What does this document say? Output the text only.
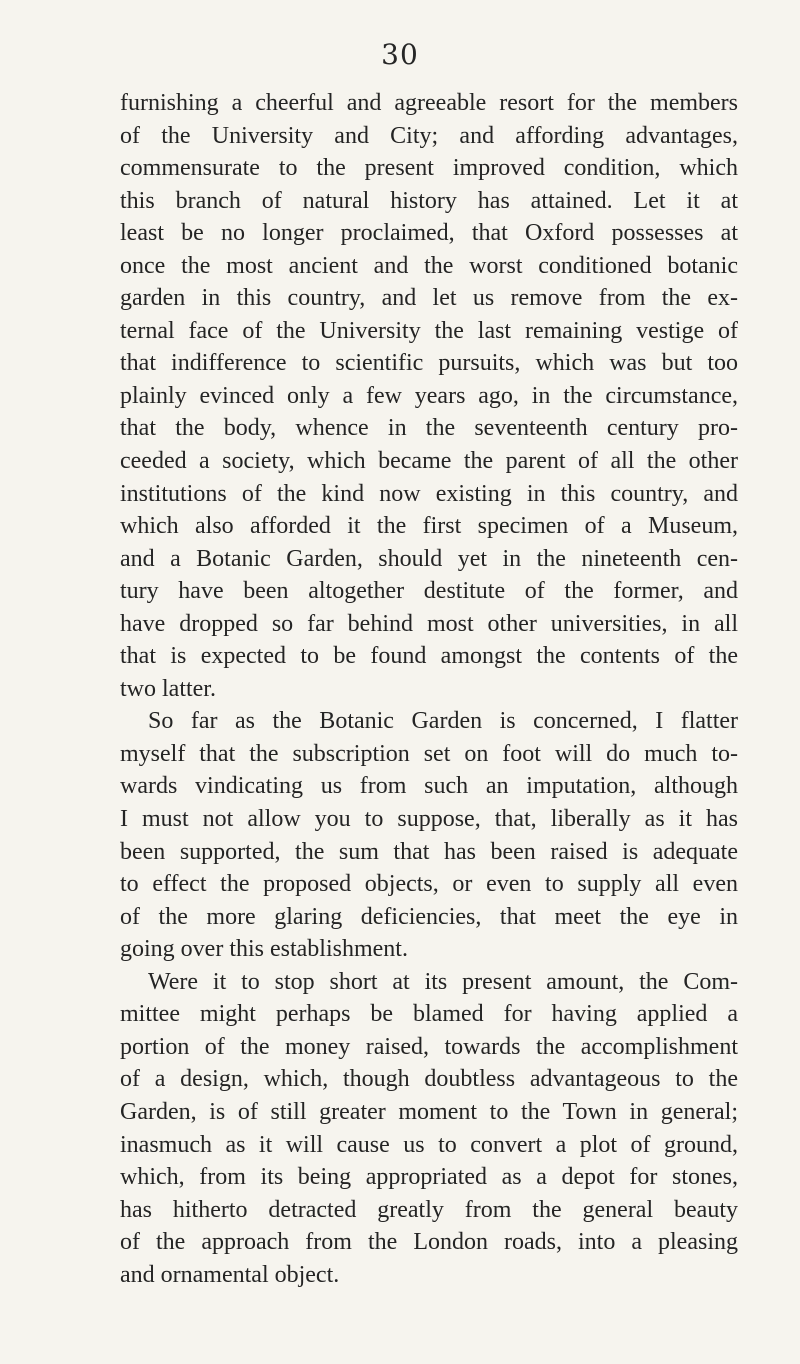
30
furnishing a cheerful and agreeable resort for the members
of the University and City; and affording advantages,
commensurate to the present improved condition, which
this branch of natural history has attained. Let it at
least be no longer proclaimed, that Oxford possesses at
once the most ancient and the worst conditioned botanic
garden in this country, and let us remove from the ex-
ternal face of the University the last remaining vestige of
that indifference to scientific pursuits, which was but too
plainly evinced only a few years ago, in the circumstance,
that the body, whence in the seventeenth century pro-
ceeded a society, which became the parent of all the other
institutions of the kind now existing in this country, and
which also afforded it the first specimen of a Museum,
and a Botanic Garden, should yet in the nineteenth cen-
tury have been altogether destitute of the former, and
have dropped so far behind most other universities, in all
that is expected to be found amongst the contents of the
two latter.
So far as the Botanic Garden is concerned, I flatter
myself that the subscription set on foot will do much to-
wards vindicating us from such an imputation, although
I must not allow you to suppose, that, liberally as it has
been supported, the sum that has been raised is adequate
to effect the proposed objects, or even to supply all even
of the more glaring deficiencies, that meet the eye in
going over this establishment.
Were it to stop short at its present amount, the Com-
mittee might perhaps be blamed for having applied a
portion of the money raised, towards the accomplishment
of a design, which, though doubtless advantageous to the
Garden, is of still greater moment to the Town in general;
inasmuch as it will cause us to convert a plot of ground,
which, from its being appropriated as a depot for stones,
has hitherto detracted greatly from the general beauty
of the approach from the London roads, into a pleasing
and ornamental object.
